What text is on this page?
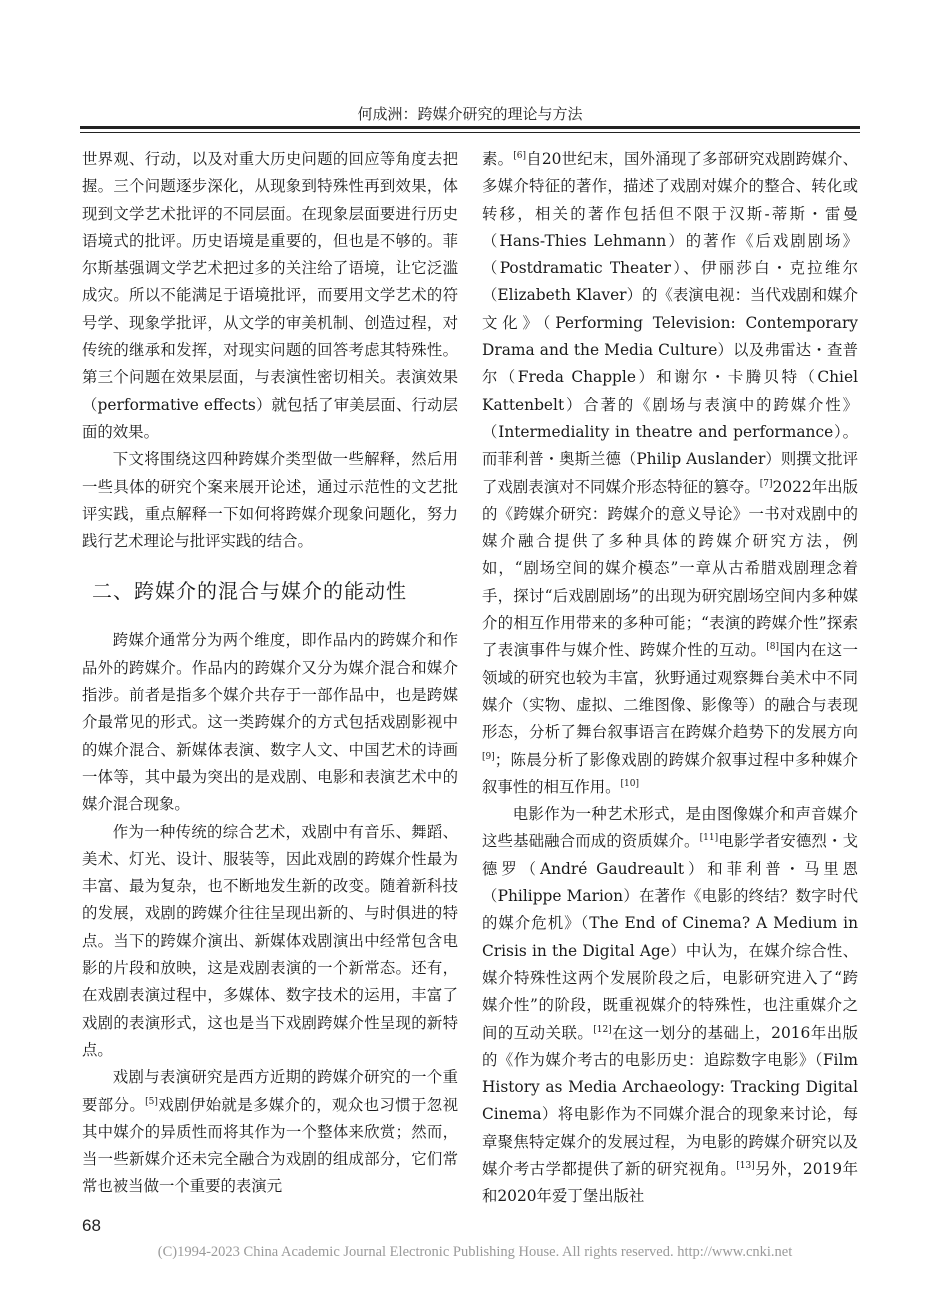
何成洲：跨媒介研究的理论与方法

世界观、行动，以及对重大历史问题的回应等角度去把握。三个问题逐步深化，从现象到特殊性再到效果，体现到文学艺术批评的不同层面。在现象层面要进行历史语境式的批评。历史语境是重要的，但也是不够的。菲尔斯基强调文学艺术把过多的关注给了语境，让它泛滥成灾。所以不能满足于语境批评，而要用文学艺术的符号学、现象学批评，从文学的审美机制、创造过程，对传统的继承和发挥，对现实问题的回答考虑其特殊性。第三个问题在效果层面，与表演性密切相关。表演效果（performative effects）就包括了审美层面、行动层面的效果。

下文将围绕这四种跨媒介类型做一些解释，然后用一些具体的研究个案来展开论述，通过示范性的文艺批评实践，重点解释一下如何将跨媒介现象问题化，努力践行艺术理论与批评实践的结合。

二、跨媒介的混合与媒介的能动性

跨媒介通常分为两个维度，即作品内的跨媒介和作品外的跨媒介。作品内的跨媒介又分为媒介混合和媒介指涉。前者是指多个媒介共存于一部作品中，也是跨媒介最常见的形式。这一类跨媒介的方式包括戏剧影视中的媒介混合、新媒体表演、数字人文、中国艺术的诗画一体等，其中最为突出的是戏剧、电影和表演艺术中的媒介混合现象。

作为一种传统的综合艺术，戏剧中有音乐、舞蹈、美术、灯光、设计、服装等，因此戏剧的跨媒介性最为丰富、最为复杂，也不断地发生新的改变。随着新科技的发展，戏剧的跨媒介往往呈现出新的、与时俱进的特点。当下的跨媒介演出、新媒体戏剧演出中经常包含电影的片段和放映，这是戏剧表演的一个新常态。还有，在戏剧表演过程中，多媒体、数字技术的运用，丰富了戏剧的表演形式，这也是当下戏剧跨媒介性呈现的新特点。

戏剧与表演研究是西方近期的跨媒介研究的一个重要部分。[5]戏剧伊始就是多媒介的，观众也习惯于忽视其中媒介的异质性而将其作为一个整体来欣赏；然而，当一些新媒介还未完全融合为戏剧的组成部分，它们常常也被当做一个重要的表演元

素。[6]自20世纪末，国外涌现了多部研究戏剧跨媒介、多媒介特征的著作，描述了戏剧对媒介的整合、转化或转移，相关的著作包括但不限于汉斯-蒂斯・雷曼（Hans-Thies Lehmann）的著作《后戏剧剧场》（Postdramatic Theater）、伊丽莎白・克拉维尔（Elizabeth Klaver）的《表演电视：当代戏剧和媒介文化》（Performing Television: Contemporary Drama and the Media Culture）以及弗雷达・查普尔（Freda Chapple）和谢尔・卡腾贝特（Chiel Kattenbelt）合著的《剧场与表演中的跨媒介性》（Intermediality in theatre and performance）。而菲利普・奥斯兰德（Philip Auslander）则撰文批评了戏剧表演对不同媒介形态特征的篡夺。[7]2022年出版的《跨媒介研究：跨媒介的意义导论》一书对戏剧中的媒介融合提供了多种具体的跨媒介研究方法，例如，“剧场空间的媒介模态”一章从古希腊戏剧理念着手，探讨“后戏剧剧场”的出现为研究剧场空间内多种媒介的相互作用带来的多种可能；“表演的跨媒介性”探索了表演事件与媒介性、跨媒介性的互动。[8]国内在这一领域的研究也较为丰富，狄野通过观察舞台美术中不同媒介（实物、虚拟、二维图像、影像等）的融合与表现形态，分析了舞台叙事语言在跨媒介趋势下的发展方向[9]；陈晨分析了影像戏剧的跨媒介叙事过程中多种媒介叙事性的相互作用。[10]

电影作为一种艺术形式，是由图像媒介和声音媒介这些基础融合而成的资质媒介。[11]电影学者安德烈・戈德罗（André Gaudreault）和菲利普・马里恩（Philippe Marion）在著作《电影的终结？数字时代的媒介危机》（The End of Cinema? A Medium in Crisis in the Digital Age）中认为，在媒介综合性、媒介特殊性这两个发展阶段之后，电影研究进入了“跨媒介性”的阶段，既重视媒介的特殊性，也注重媒介之间的互动关联。[12]在这一划分的基础上，2016年出版的《作为媒介考古的电影历史：追踪数字电影》（Film History as Media Archaeology: Tracking Digital Cinema）将电影作为不同媒介混合的现象来讨论，每章聚焦特定媒介的发展过程，为电影的跨媒介研究以及媒介考古学都提供了新的研究视角。[13]另外，2019年和2020年爱丁堡出版社

68
(C)1994-2023 China Academic Journal Electronic Publishing House. All rights reserved. http://www.cnki.net
